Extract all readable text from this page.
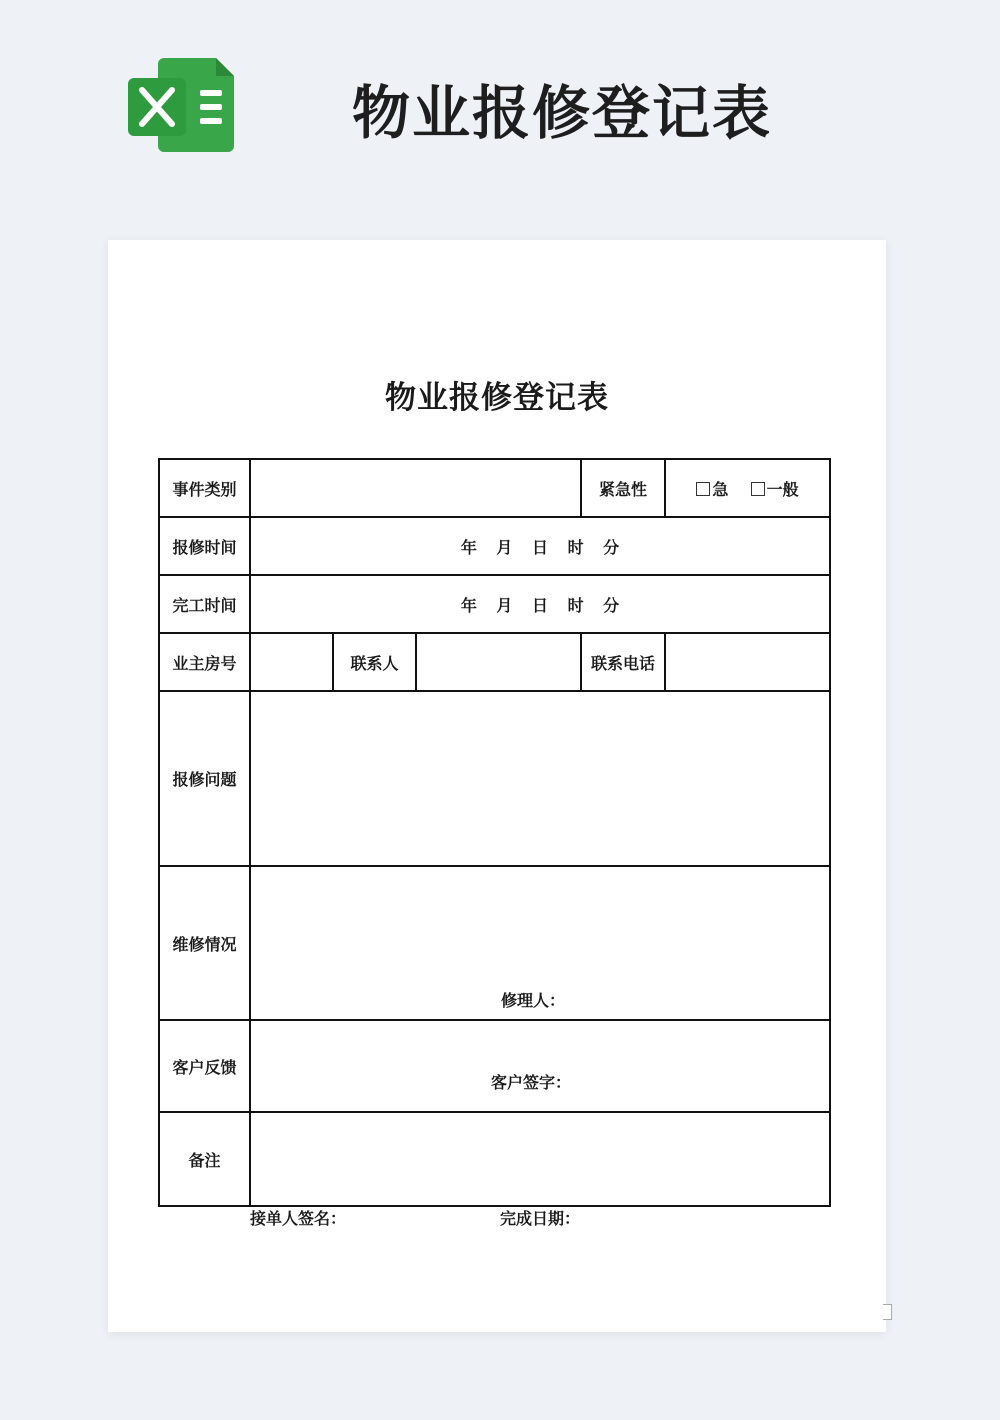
物业报修登记表
物业报修登记表
事件类别				紧急性	急 一般
报修时间	年 月 日 时 分				
完工时间	年 月 日 时 分				
业主房号		联系人		联系电话	
报修问题					
维修情况	修理人：				

客户反馈	客户签字：				

备注					
接单人签名：	完成日期：
